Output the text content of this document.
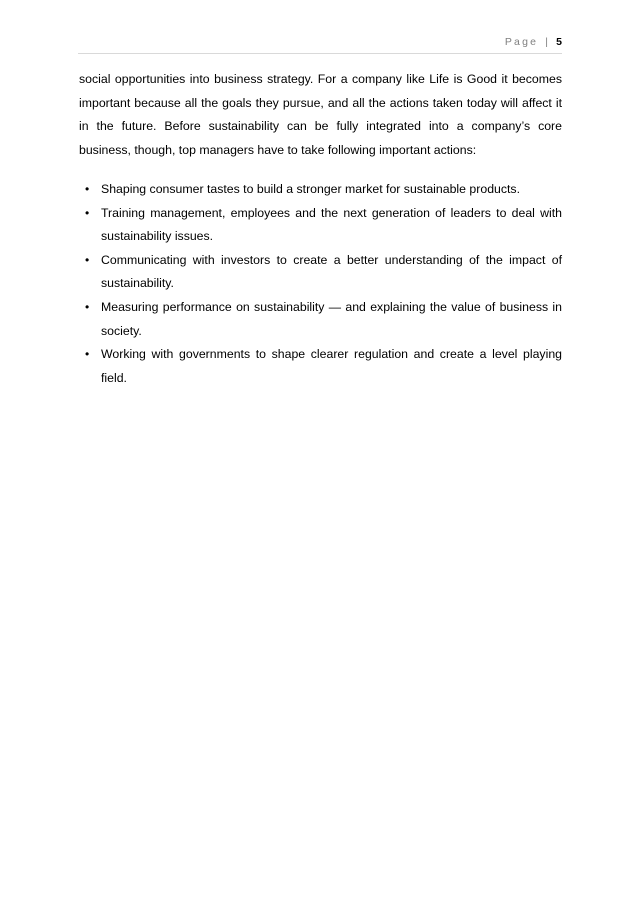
Page | 5

social opportunities into business strategy. For a company like Life is Good it becomes important because all the goals they pursue, and all the actions taken today will affect it in the future. Before sustainability can be fully integrated into a company’s core business, though, top managers have to take following important actions:

• Shaping consumer tastes to build a stronger market for sustainable products.
• Training management, employees and the next generation of leaders to deal with sustainability issues.
• Communicating with investors to create a better understanding of the impact of sustainability.
• Measuring performance on sustainability — and explaining the value of business in society.
• Working with governments to shape clearer regulation and create a level playing field.
